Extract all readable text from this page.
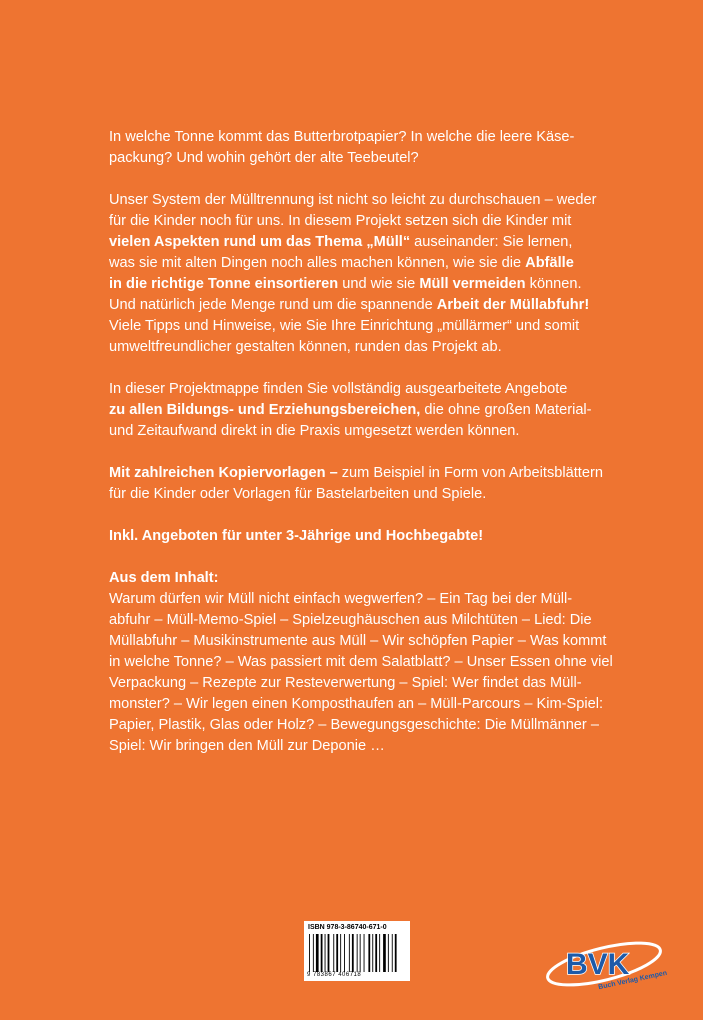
In welche Tonne kommt das Butterbrotpapier? In welche die leere Käse-
packung? Und wohin gehört der alte Teebeutel?

Unser System der Mülltrennung ist nicht so leicht zu durchschauen – weder
für die Kinder noch für uns. In diesem Projekt setzen sich die Kinder mit
vielen Aspekten rund um das Thema „Müll“ auseinander: Sie lernen,
was sie mit alten Dingen noch alles machen können, wie sie die Abfälle
in die richtige Tonne einsortieren und wie sie Müll vermeiden können.
Und natürlich jede Menge rund um die spannende Arbeit der Müllabfuhr!
Viele Tipps und Hinweise, wie Sie Ihre Einrichtung „müllärmer“ und somit
umweltfreundlicher gestalten können, runden das Projekt ab.

In dieser Projektmappe finden Sie vollständig ausgearbeitete Angebote
zu allen Bildungs- und Erziehungsbereichen, die ohne großen Material-
und Zeitaufwand direkt in die Praxis umgesetzt werden können.

Mit zahlreichen Kopiervorlagen – zum Beispiel in Form von Arbeitsblättern
für die Kinder oder Vorlagen für Bastelarbeiten und Spiele.

Inkl. Angeboten für unter 3-Jährige und Hochbegabte!

Aus dem Inhalt:
Warum dürfen wir Müll nicht einfach wegwerfen? – Ein Tag bei der Müll-
abfuhr – Müll-Memo-Spiel – Spielzeughäuschen aus Milchtüten – Lied: Die
Müllabfuhr – Musikinstrumente aus Müll – Wir schöpfen Papier – Was kommt
in welche Tonne? – Was passiert mit dem Salatblatt? – Unser Essen ohne viel
Verpackung – Rezepte zur Resteverwertung – Spiel: Wer findet das Müll-
monster? – Wir legen einen Komposthaufen an – Müll-Parcours – Kim-Spiel:
Papier, Plastik, Glas oder Holz? – Bewegungsgeschichte: Die Müllmänner –
Spiel: Wir bringen den Müll zur Deponie …

ISBN 978-3-86740-671-0
9 783867 406718	BVK
Buch Verlag Kempen
